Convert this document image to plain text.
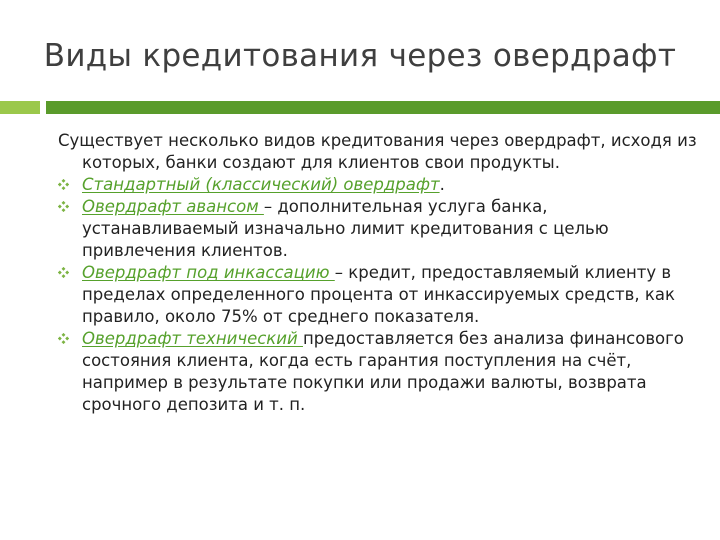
Виды кредитования через овердрафт

Существует несколько видов кредитования через овердрафт, исходя из которых, банки создают для клиентов свои продукты.

Стандартный (классический) овердрафт.
Овердрафт авансом – дополнительная услуга банка, устанавливаемый изначально лимит кредитования с целью привлечения клиентов.
Овердрафт под инкассацию – кредит, предоставляемый клиенту в пределах определенного процента от инкассируемых средств, как правило, около 75% от среднего показателя.
Овердрафт технический предоставляется без анализа финансового состояния клиента, когда есть гарантия поступления на счёт, например в результате покупки или продажи валюты, возврата срочного депозита и т. п.
